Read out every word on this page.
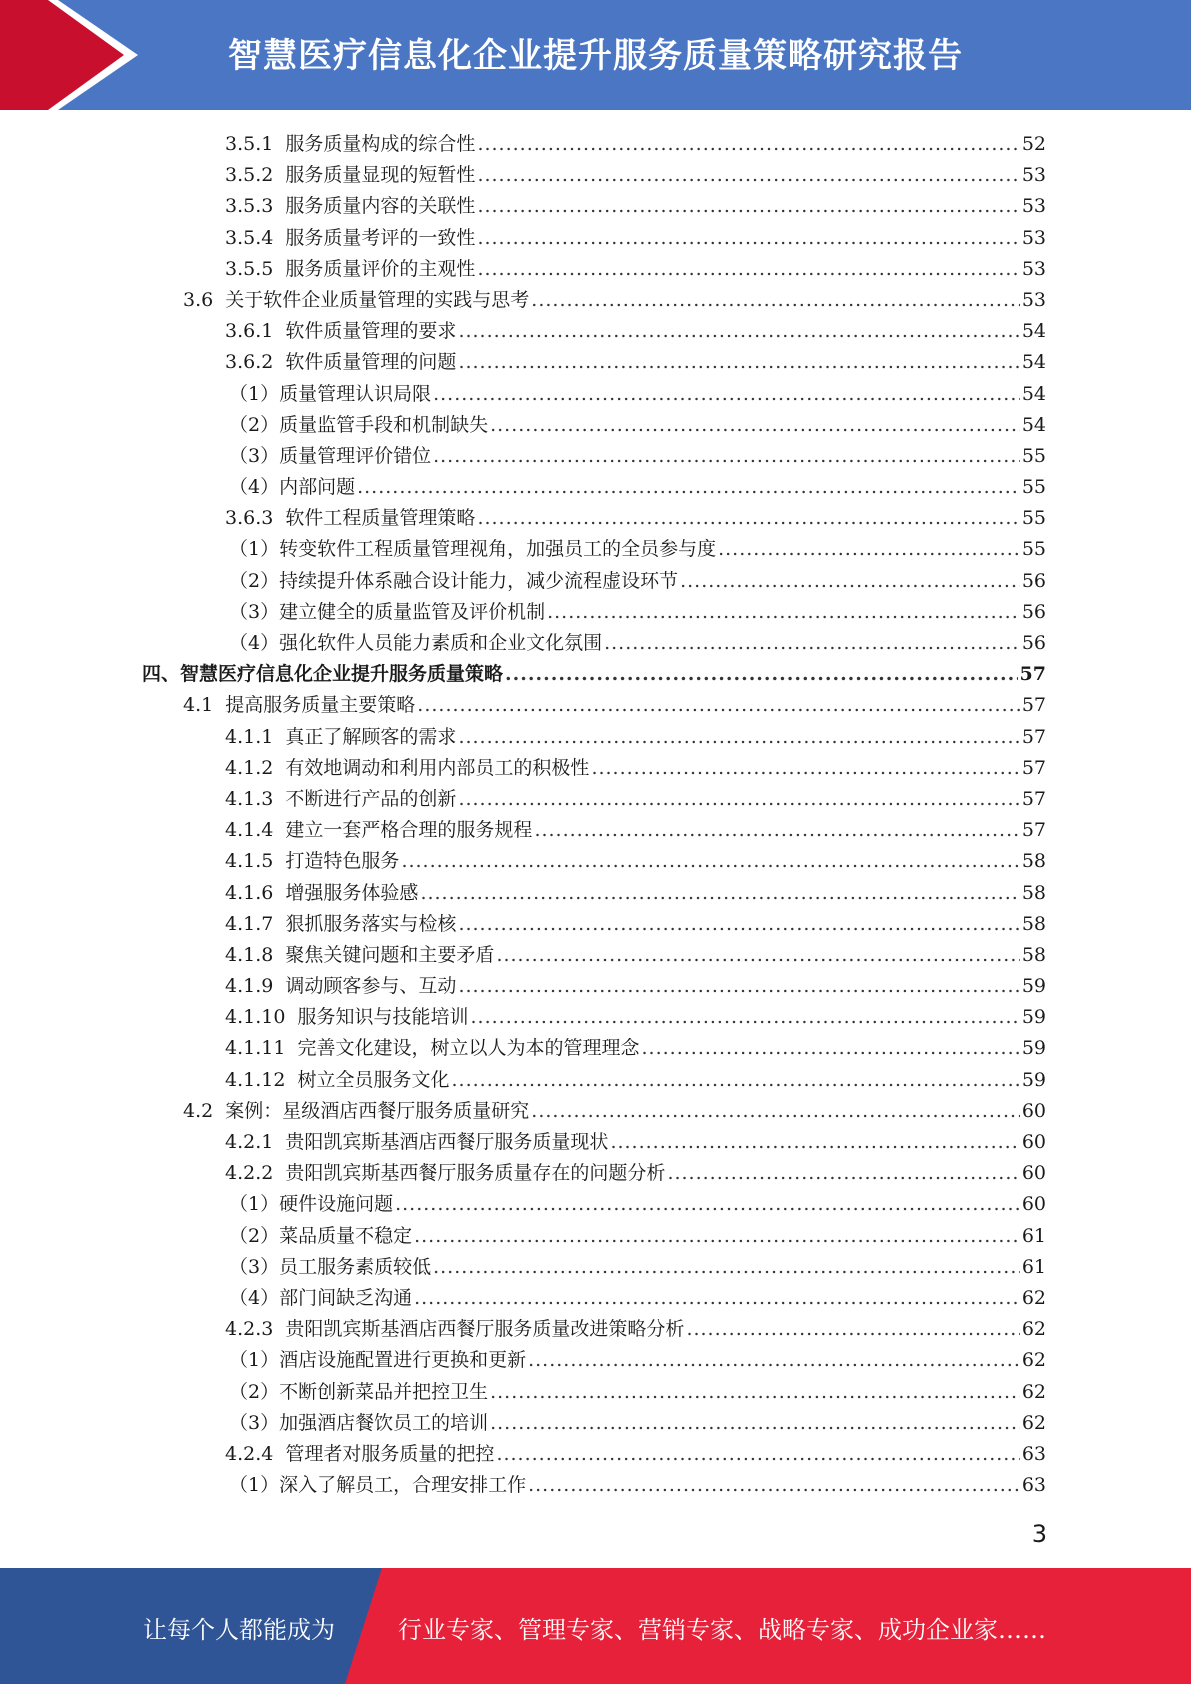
智慧医疗信息化企业提升服务质量策略研究报告
3.5.1  服务质量构成的综合性 .....	52
3.5.2  服务质量显现的短暂性 .....	53
3.5.3  服务质量内容的关联性 .....	53
3.5.4  服务质量考评的一致性 .....	53
3.5.5  服务质量评价的主观性 .....	53
3.6  关于软件企业质量管理的实践与思考 .....	53
3.6.1  软件质量管理的要求 .....	54
3.6.2  软件质量管理的问题 .....	54
（1）质量管理认识局限 .....	54
（2）质量监管手段和机制缺失 .....	54
（3）质量管理评价错位 .....	55
（4）内部问题 .....	55
3.6.3  软件工程质量管理策略 .....	55
（1）转变软件工程质量管理视角，加强员工的全员参与度 .....	55
（2）持续提升体系融合设计能力，减少流程虚设环节 .....	56
（3）建立健全的质量监管及评价机制 .....	56
（4）强化软件人员能力素质和企业文化氛围 .....	56
四、智慧医疗信息化企业提升服务质量策略 .....	57
4.1  提高服务质量主要策略 .....	57
4.1.1  真正了解顾客的需求 .....	57
4.1.2  有效地调动和利用内部员工的积极性 .....	57
4.1.3  不断进行产品的创新 .....	57
4.1.4  建立一套严格合理的服务规程 .....	57
4.1.5  打造特色服务 .....	58
4.1.6  增强服务体验感 .....	58
4.1.7  狠抓服务落实与检核 .....	58
4.1.8  聚焦关键问题和主要矛盾 .....	58
4.1.9  调动顾客参与、互动 .....	59
4.1.10  服务知识与技能培训 .....	59
4.1.11  完善文化建设，树立以人为本的管理理念 .....	59
4.1.12  树立全员服务文化 .....	59
4.2  案例：星级酒店西餐厅服务质量研究 .....	60
4.2.1  贵阳凯宾斯基酒店西餐厅服务质量现状 .....	60
4.2.2  贵阳凯宾斯基西餐厅服务质量存在的问题分析 .....	60
（1）硬件设施问题 .....	60
（2）菜品质量不稳定 .....	61
（3）员工服务素质较低 .....	61
（4）部门间缺乏沟通 .....	62
4.2.3  贵阳凯宾斯基酒店西餐厅服务质量改进策略分析 .....	62
（1）酒店设施配置进行更换和更新 .....	62
（2）不断创新菜品并把控卫生 .....	62
（3）加强酒店餐饮员工的培训 .....	62
4.2.4  管理者对服务质量的把控 .....	63
（1）深入了解员工，合理安排工作 .....	63
3
让每个人都能成为	行业专家、管理专家、营销专家、战略专家、成功企业家……
